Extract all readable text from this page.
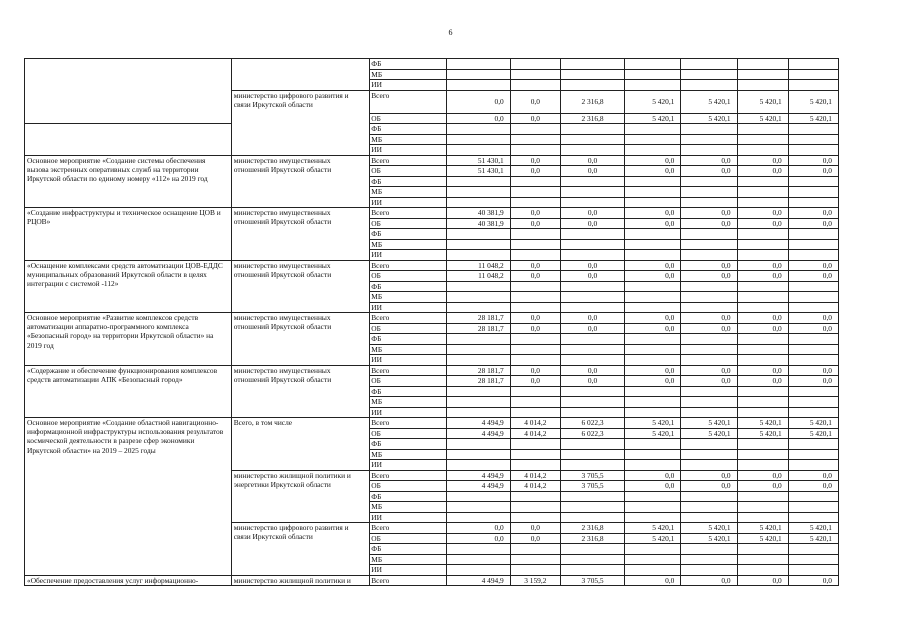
6
		ФБ							
		МБ							
		ИИ							
	министерство цифрового развития и связи Иркутской области	Всего	0,0	0,0	2 316,8	5 420,1	5 420,1	5 420,1	5 420,1
		ОБ	0,0	0,0	2 316,8	5 420,1	5 420,1	5 420,1	5 420,1
		ФБ							
		МБ							
		ИИ							
Основное мероприятие «Создание системы обеспечения вызова экстренных оперативных служб на территории Иркутской области по единому номеру «112» на 2019 год	министерство имущественных отношений Иркутской области	Всего	51 430,1	0,0	0,0	0,0	0,0	0,0	0,0
		ОБ	51 430,1	0,0	0,0	0,0	0,0	0,0	0,0
		ФБ							
		МБ							
		ИИ							
«Создание инфраструктуры и техническое оснащение ЦОВ и РЦОВ»	министерство имущественных отношений Иркутской области	Всего	40 381,9	0,0	0,0	0,0	0,0	0,0	0,0
		ОБ	40 381,9	0,0	0,0	0,0	0,0	0,0	0,0
		ФБ							
		МБ							
		ИИ							
«Оснащение комплексами средств автоматизации ЦОВ-ЕДДС муниципальных образований Иркутской области в целях интеграции с системой -112»	министерство имущественных отношений Иркутской области	Всего	11 048,2	0,0	0,0	0,0	0,0	0,0	0,0
		ОБ	11 048,2	0,0	0,0	0,0	0,0	0,0	0,0
		ФБ							
		МБ							
		ИИ							
Основное мероприятие «Развитие комплексов средств автоматизации аппаратно-программного комплекса «Безопасный город» на территории Иркутской области» на 2019 год	министерство имущественных отношений Иркутской области	Всего	28 181,7	0,0	0,0	0,0	0,0	0,0	0,0
		ОБ	28 181,7	0,0	0,0	0,0	0,0	0,0	0,0
		ФБ							
		МБ							
		ИИ							
«Содержание и обеспечение функционирования комплексов средств автоматизации АПК «Безопасный город»	министерство имущественных отношений Иркутской области	Всего	28 181,7	0,0	0,0	0,0	0,0	0,0	0,0
		ОБ	28 181,7	0,0	0,0	0,0	0,0	0,0	0,0
		ФБ							
		МБ							
		ИИ							
Основное мероприятие «Создание областной навигационно-информационной инфраструктуры использования результатов космической деятельности в разрезе сфер экономики Иркутской области» на 2019 – 2025 годы	Всего, в том числе	Всего	4 494,9	4 014,2	6 022,3	5 420,1	5 420,1	5 420,1	5 420,1
		ОБ	4 494,9	4 014,2	6 022,3	5 420,1	5 420,1	5 420,1	5 420,1
		ФБ							
		МБ							
		ИИ							
	министерство жилищной политики и энергетики Иркутской области	Всего	4 494,9	4 014,2	3 705,5	0,0	0,0	0,0	0,0
		ОБ	4 494,9	4 014,2	3 705,5	0,0	0,0	0,0	0,0
		ФБ							
		МБ							
		ИИ							
	министерство цифрового развития и связи Иркутской области	Всего	0,0	0,0	2 316,8	5 420,1	5 420,1	5 420,1	5 420,1
		ОБ	0,0	0,0	2 316,8	5 420,1	5 420,1	5 420,1	5 420,1
		ФБ							
		МБ							
		ИИ							
«Обеспечение предоставления услуг информационно-	министерство жилищной политики и	Всего	4 494,9	3 159,2	3 705,5	0,0	0,0	0,0	0,0
